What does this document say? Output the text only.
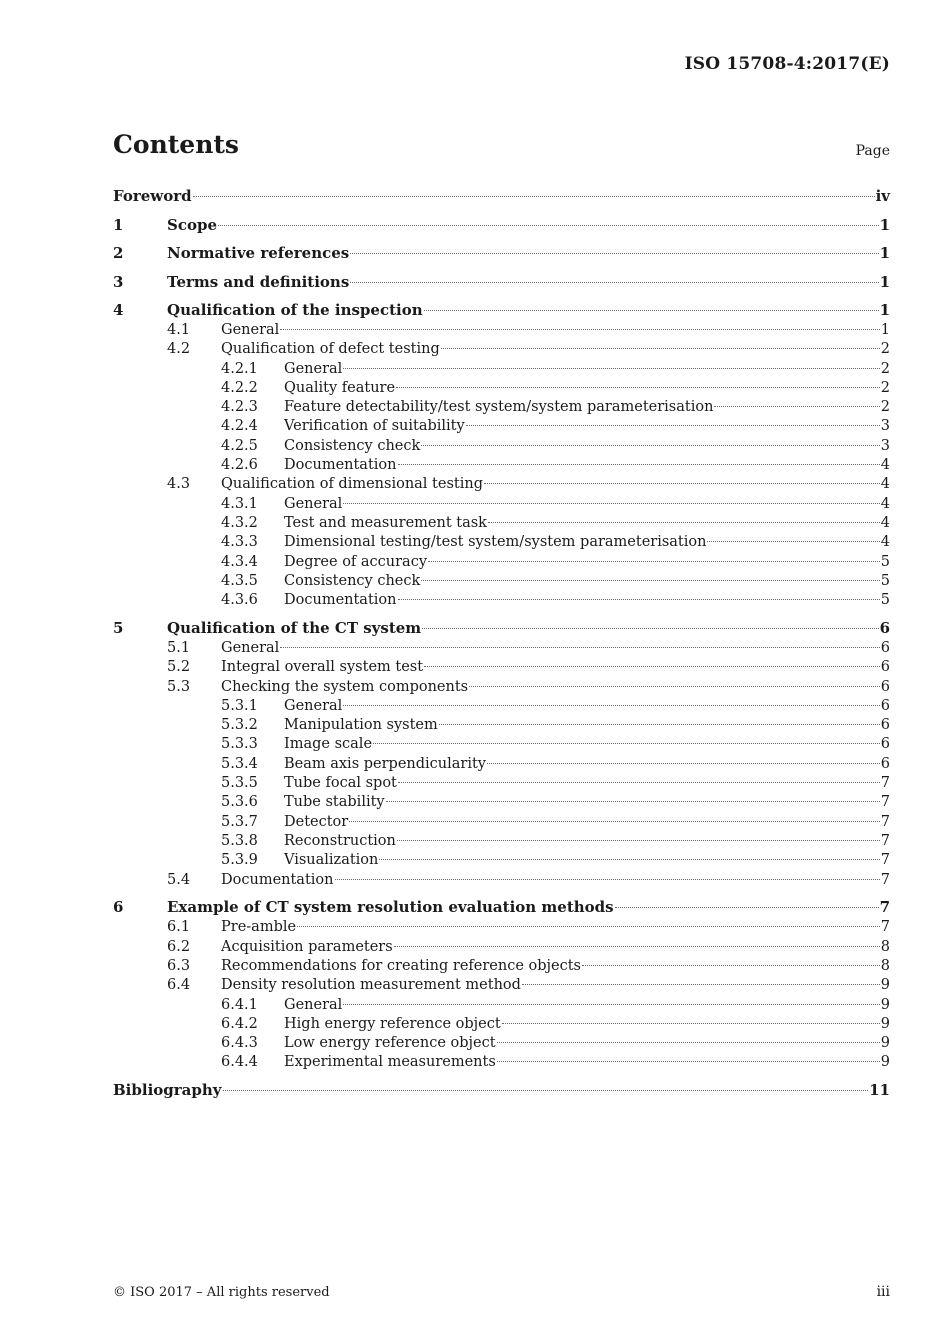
ISO 15708-4:2017(E)
Contents	Page
Foreword	iv
1	Scope	1
2	Normative references	1
3	Terms and definitions	1
4	Qualification of the inspection	1
4.1	General	1
4.2	Qualification of defect testing	2
4.2.1	General	2
4.2.2	Quality feature	2
4.2.3	Feature detectability/test system/system parameterisation	2
4.2.4	Verification of suitability	3
4.2.5	Consistency check	3
4.2.6	Documentation	4
4.3	Qualification of dimensional testing	4
4.3.1	General	4
4.3.2	Test and measurement task	4
4.3.3	Dimensional testing/test system/system parameterisation	4
4.3.4	Degree of accuracy	5
4.3.5	Consistency check	5
4.3.6	Documentation	5
5	Qualification of the CT system	6
5.1	General	6
5.2	Integral overall system test	6
5.3	Checking the system components	6
5.3.1	General	6
5.3.2	Manipulation system	6
5.3.3	Image scale	6
5.3.4	Beam axis perpendicularity	6
5.3.5	Tube focal spot	7
5.3.6	Tube stability	7
5.3.7	Detector	7
5.3.8	Reconstruction	7
5.3.9	Visualization	7
5.4	Documentation	7
6	Example of CT system resolution evaluation methods	7
6.1	Pre-amble	7
6.2	Acquisition parameters	8
6.3	Recommendations for creating reference objects	8
6.4	Density resolution measurement method	9
6.4.1	General	9
6.4.2	High energy reference object	9
6.4.3	Low energy reference object	9
6.4.4	Experimental measurements	9
Bibliography	11
© ISO 2017 – All rights reserved	iii
